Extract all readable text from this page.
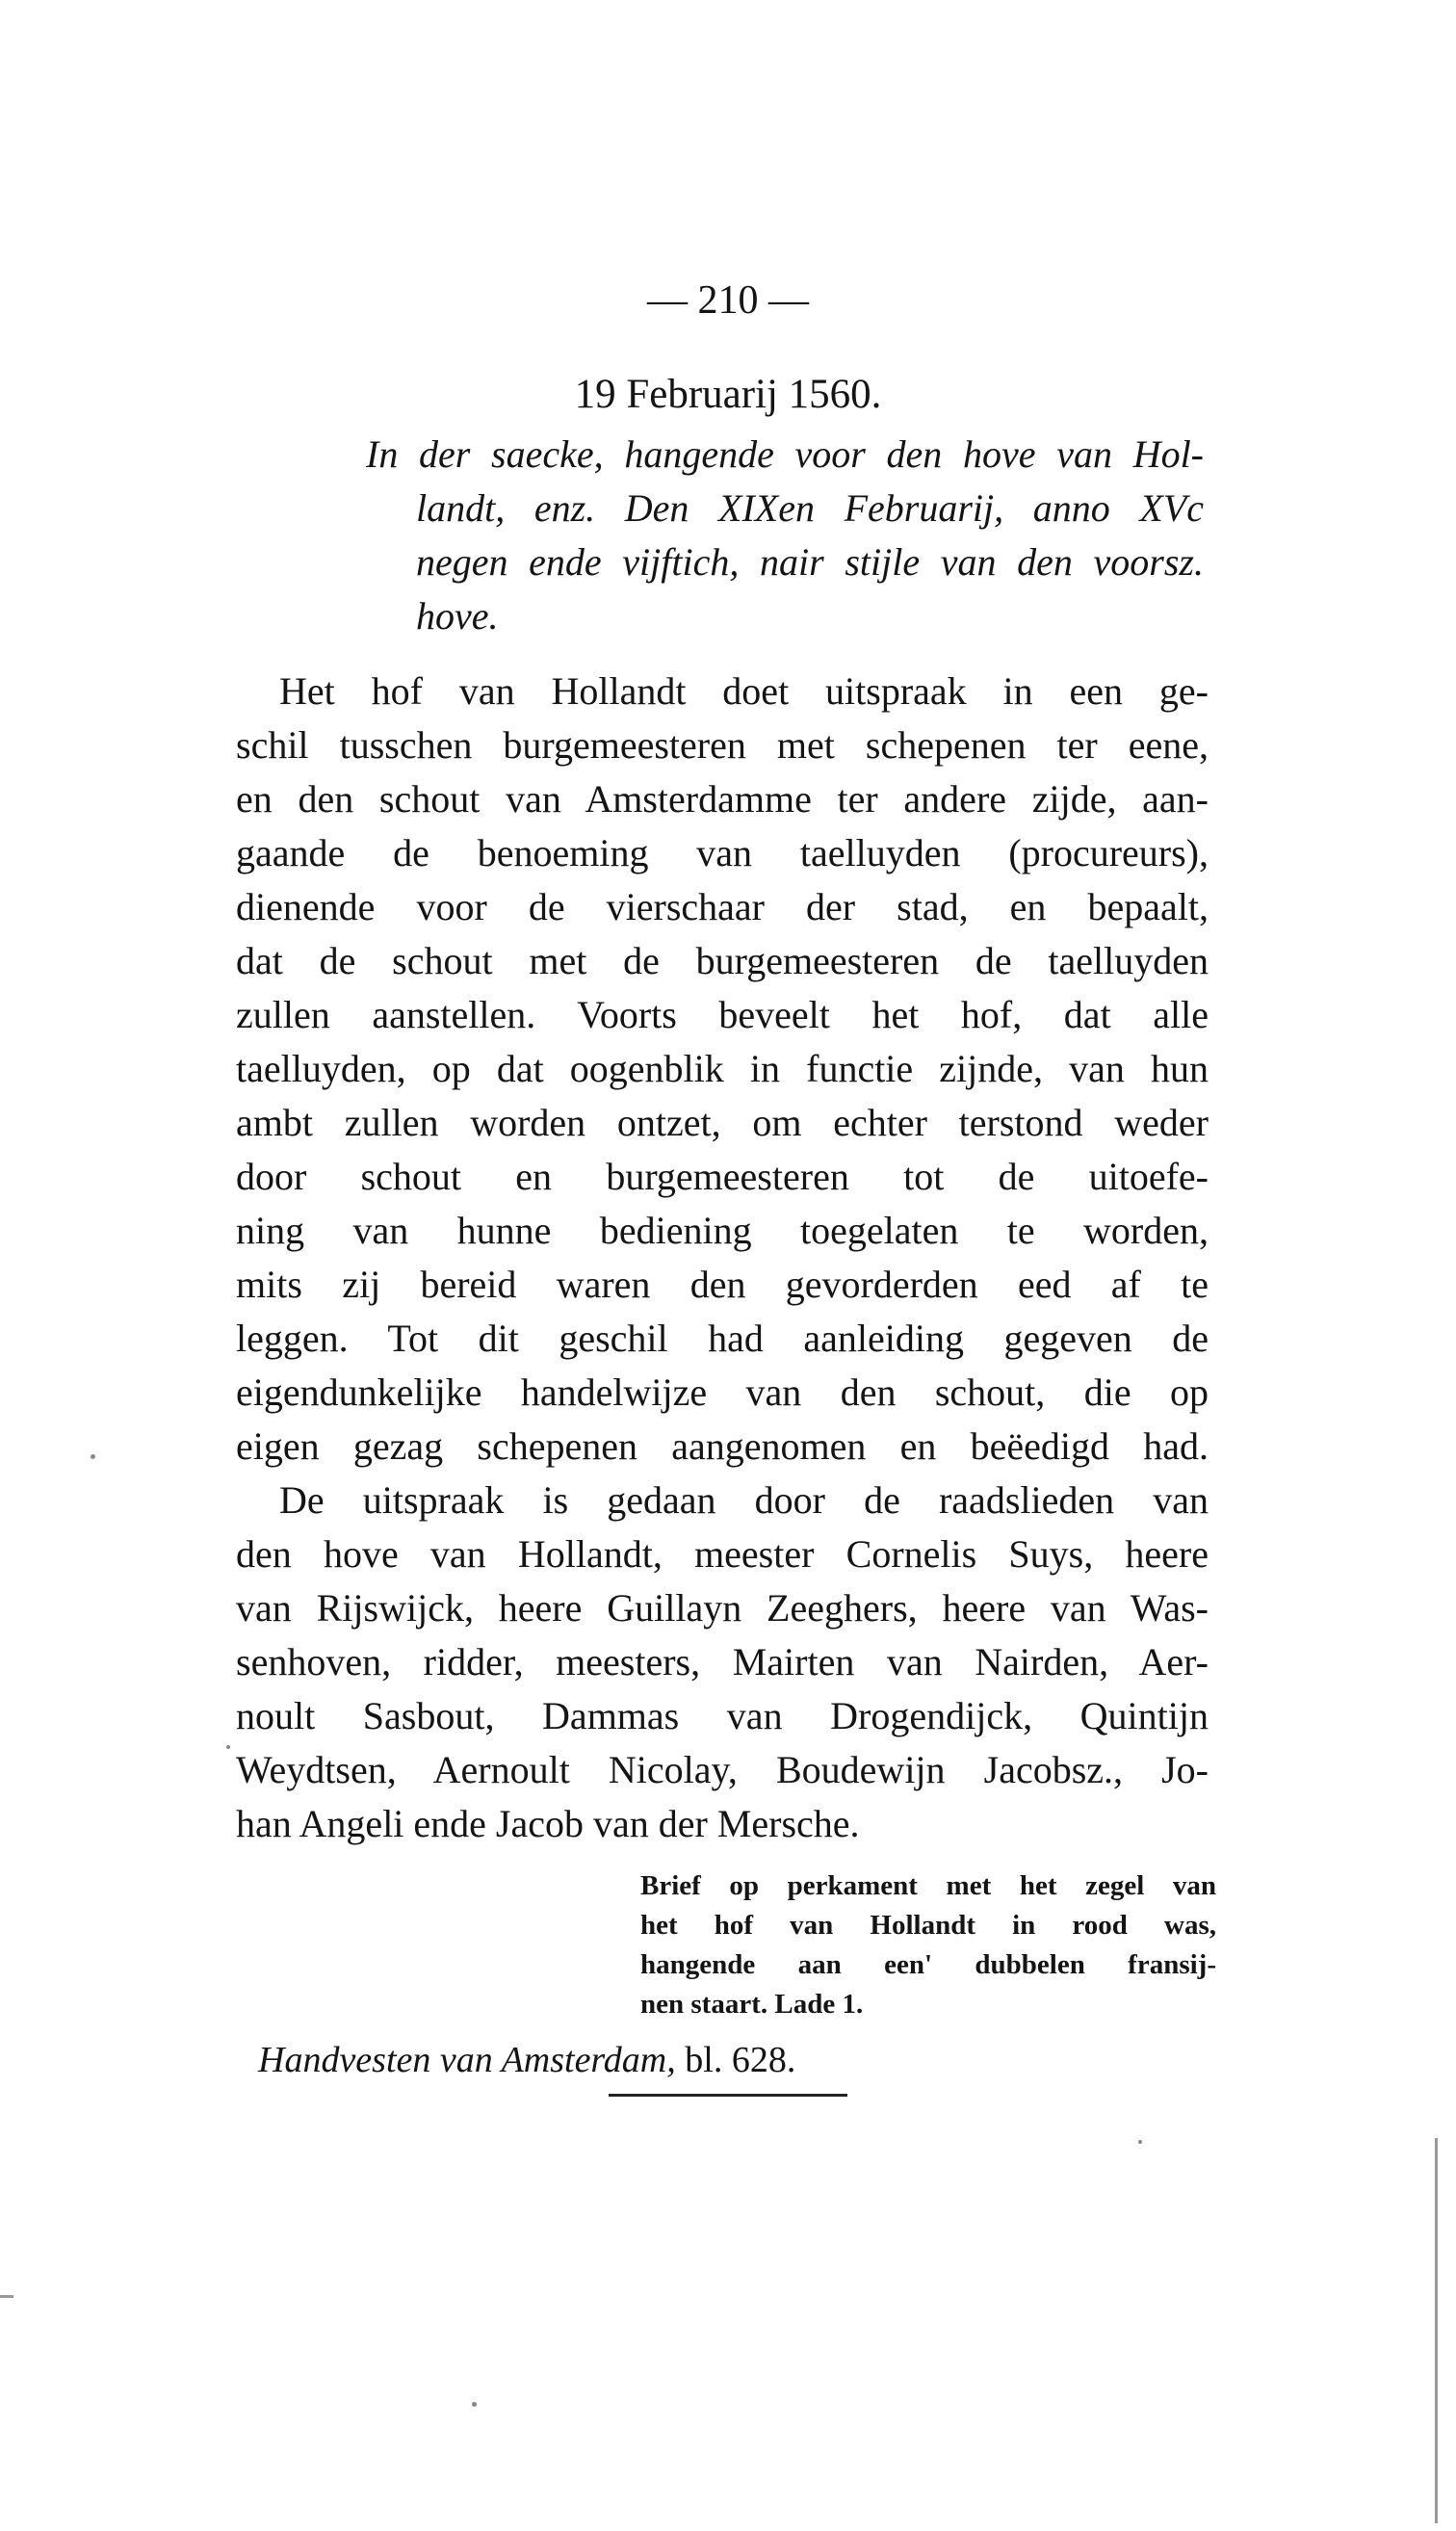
— 210 —
19 Februarij 1560.
In der saecke, hangende voor den hove van Hol-
landt, enz. Den XIXen Februarij, anno XVc
negen ende vijftich, nair stijle van den voorsz.
hove.
Het hof van Hollandt doet uitspraak in een ge-
schil tusschen burgemeesteren met schepenen ter eene,
en den schout van Amsterdamme ter andere zijde, aan-
gaande de benoeming van taelluyden (procureurs),
dienende voor de vierschaar der stad, en bepaalt,
dat de schout met de burgemeesteren de taelluyden
zullen aanstellen. Voorts beveelt het hof, dat alle
taelluyden, op dat oogenblik in functie zijnde, van hun
ambt zullen worden ontzet, om echter terstond weder
door schout en burgemeesteren tot de uitoefe-
ning van hunne bediening toegelaten te worden,
mits zij bereid waren den gevorderden eed af te
leggen. Tot dit geschil had aanleiding gegeven de
eigendunkelijke handelwijze van den schout, die op
eigen gezag schepenen aangenomen en beëedigd had.
De uitspraak is gedaan door de raadslieden van
den hove van Hollandt, meester Cornelis Suys, heere
van Rijswijck, heere Guillayn Zeeghers, heere van Was-
senhoven, ridder, meesters, Mairten van Nairden, Aer-
noult Sasbout, Dammas van Drogendijck, Quintijn
Weydtsen, Aernoult Nicolay, Boudewijn Jacobsz., Jo-
han Angeli ende Jacob van der Mersche.
Brief op perkament met het zegel van
het hof van Hollandt in rood was,
hangende aan een' dubbelen fransij-
nen staart. Lade 1.
Handvesten van Amsterdam, bl. 628.
